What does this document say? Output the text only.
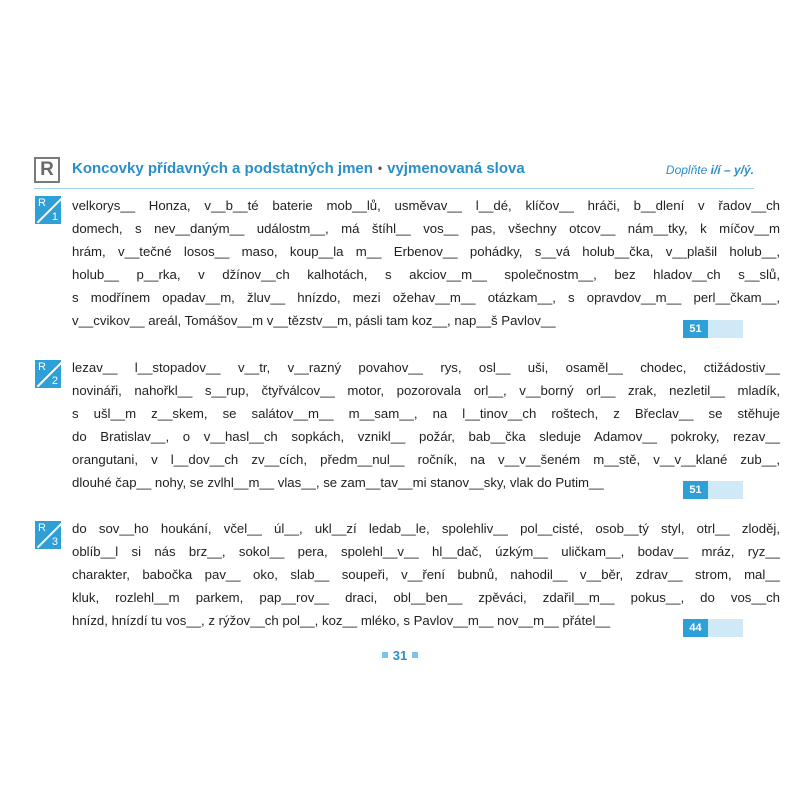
R	Koncovky přídavných a podstatných jmen • vyjmenovaná slova	Doplňte i/í – y/ý.
R
1
velkorys__ Honza, v__b__té baterie mob__lů, usměvav__ l__dé, klíčov__ hráči, b__dlení v řadov__ch
domech, s nev__daným__ událostm__, má štíhl__ vos__ pas, všechny otcov__ nám__tky, k míčov__m
hrám, v__tečné losos__ maso, koup__la m__ Erbenov__ pohádky, s__vá holub__čka, v__plašil holub__,
holub__ p__rka, v džínov__ch kalhotách, s akciov__m__ společnostm__, bez hladov__ch s__slů,
s modřínem opadav__m, žluv__ hnízdo, mezi ožehav__m__ otázkam__, s opravdov__m__ perl__čkam__,
v__cvikov__ areál, Tomášov__m v__tězstv__m, pásli tam koz__, nap__š Pavlov__
51
R
2
lezav__ l__stopadov__ v__tr, v__razný povahov__ rys, osl__ uši, osaměl__ chodec, ctižádostiv__
novináři, nahořkl__ s__rup, čtyřválcov__ motor, pozorovala orl__, v__borný orl__ zrak, nezletil__ mladík,
s ušl__m z__skem, se salátov__m__ m__sam__, na l__tinov__ch roštech, z Břeclav__ se stěhuje
do Bratislav__, o v__hasl__ch sopkách, vznikl__ požár, bab__čka sleduje Adamov__ pokroky, rezav__
orangutani, v l__dov__ch zv__cích, předm__nul__ ročník, na v__v__šeném m__stě, v__v__klané zub__,
dlouhé čap__ nohy, se zvlhl__m__ vlas__, se zam__tav__mi stanov__sky, vlak do Putim__	51
R
3
do sov__ho houkání, včel__ úl__, ukl__zí ledab__le, spolehliv__ pol__cisté, osob__tý styl, otrl__ zloděj,
oblíb__l si nás brz__, sokol__ pera, spolehl__v__ hl__dač, úzkým__ uličkam__, bodav__ mráz, ryz__
charakter, babočka pav__ oko, slab__ soupeři, v__ření bubnů, nahodil__ v__běr, zdrav__ strom, mal__
kluk, rozlehl__m parkem, pap__rov__ draci, obl__ben__ zpěváci, zdařil__m__ pokus__, do vos__ch
hnízd, hnízdí tu vos__, z rýžov__ch pol__, koz__ mléko, s Pavlov__m__ nov__m__ přátel__	44
31
